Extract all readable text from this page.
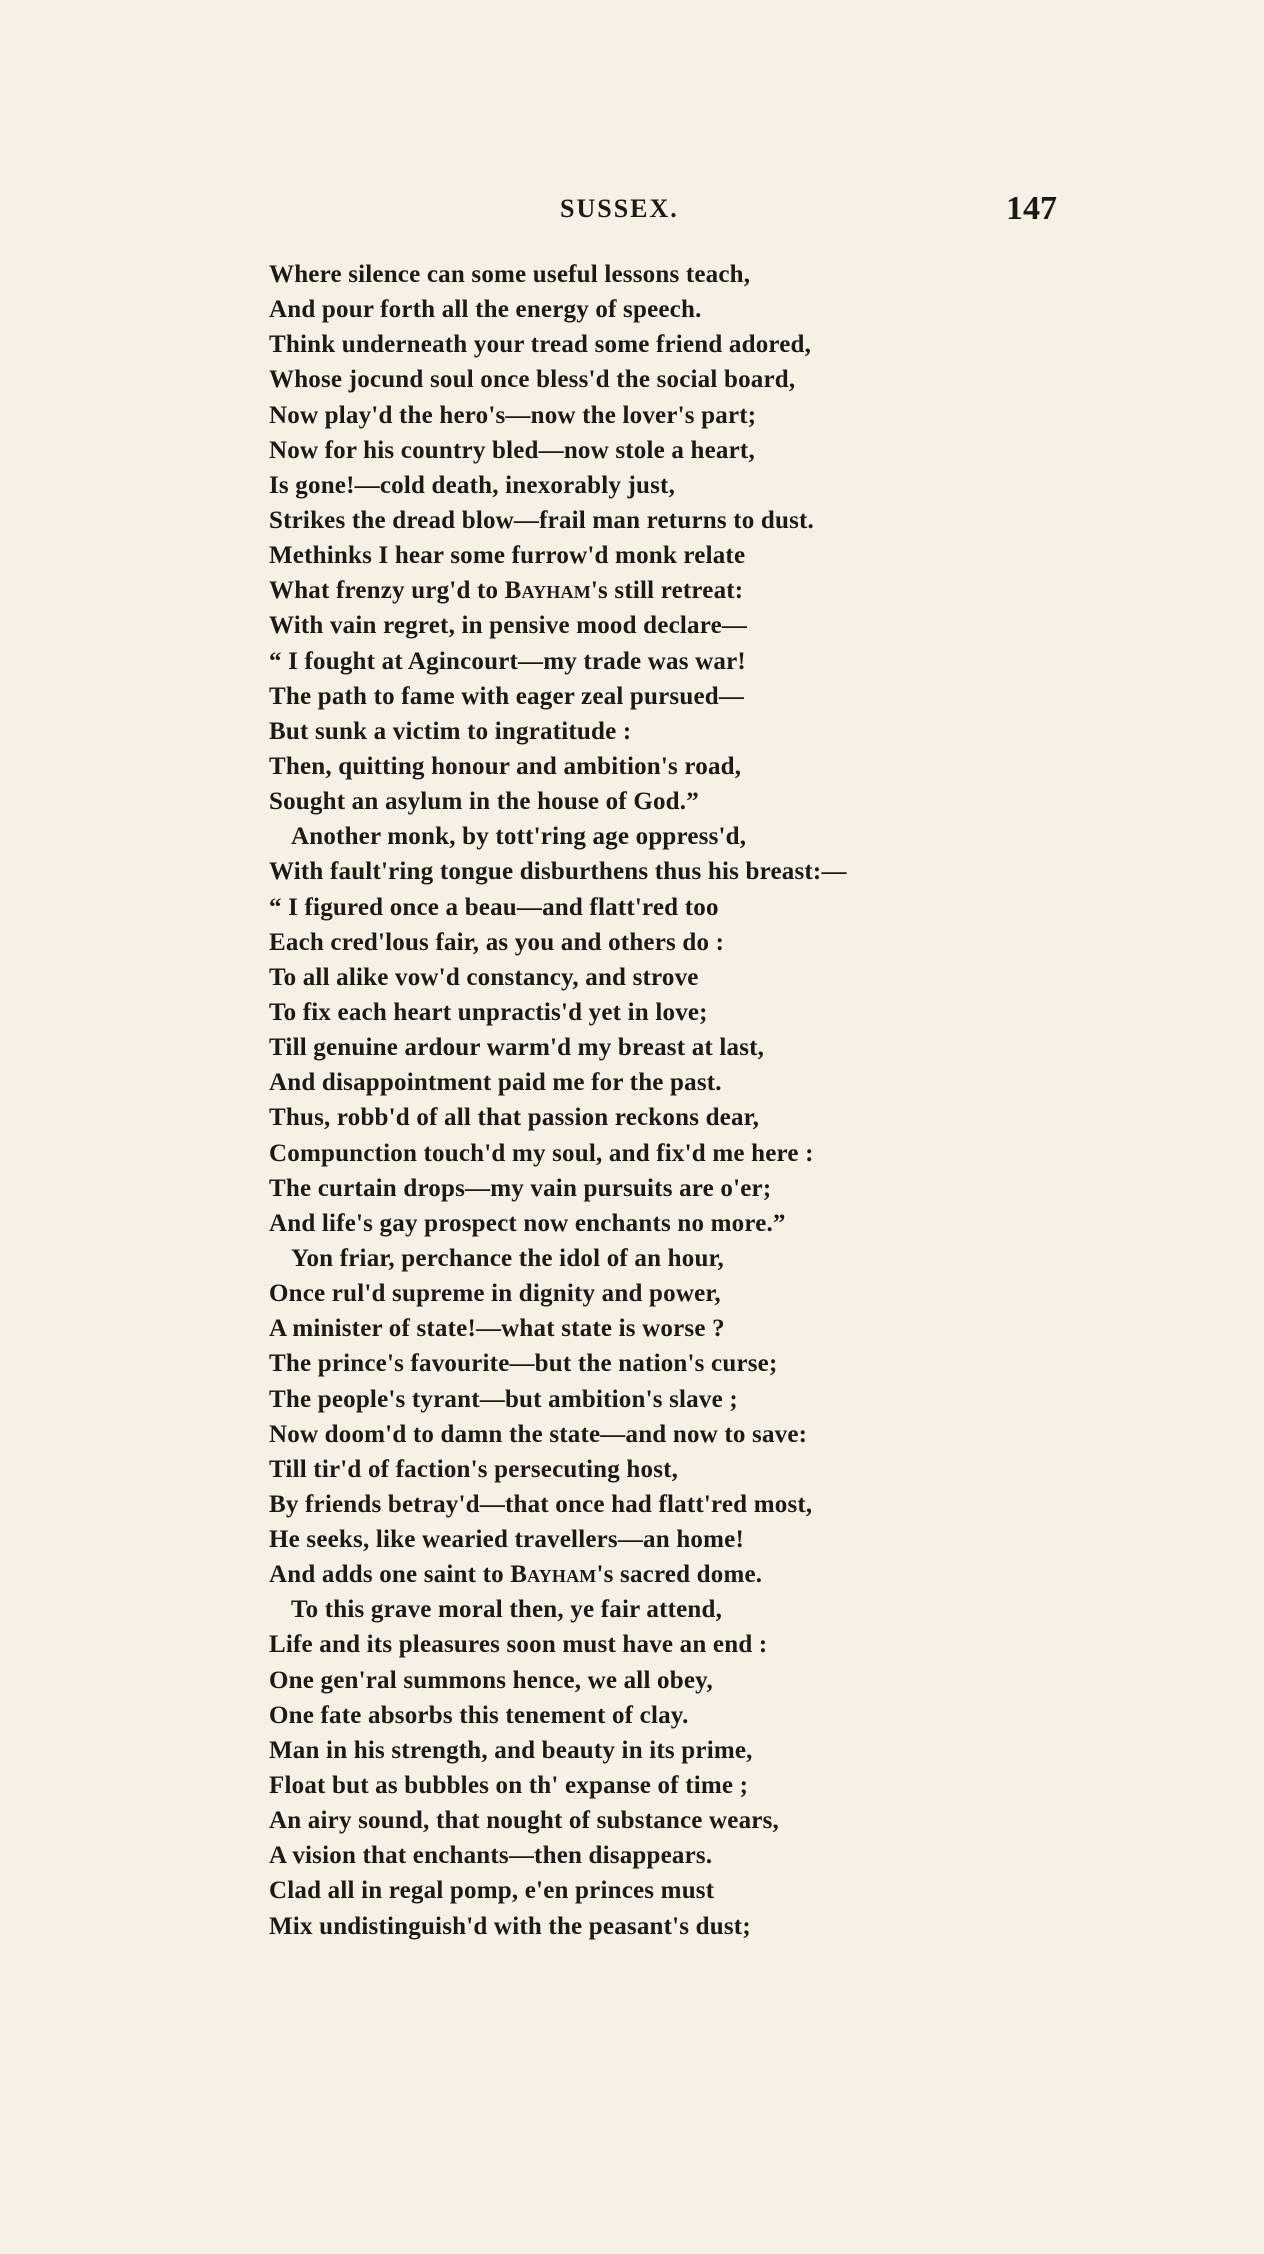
SUSSEX.	147
Where silence can some useful lessons teach,
And pour forth all the energy of speech.
Think underneath your tread some friend adored,
Whose jocund soul once bless'd the social board,
Now play'd the hero's—now the lover's part;
Now for his country bled—now stole a heart,
Is gone!—cold death, inexorably just,
Strikes the dread blow—frail man returns to dust.
Methinks I hear some furrow'd monk relate
What frenzy urg'd to Bayham's still retreat:
With vain regret, in pensive mood declare—
“ I fought at Agincourt—my trade was war!
The path to fame with eager zeal pursued—
But sunk a victim to ingratitude :
Then, quitting honour and ambition's road,
Sought an asylum in the house of God.”
Another monk, by tott'ring age oppress'd,
With fault'ring tongue disburthens thus his breast:—
“ I figured once a beau—and flatt'red too
Each cred'lous fair, as you and others do :
To all alike vow'd constancy, and strove
To fix each heart unpractis'd yet in love;
Till genuine ardour warm'd my breast at last,
And disappointment paid me for the past.
Thus, robb'd of all that passion reckons dear,
Compunction touch'd my soul, and fix'd me here :
The curtain drops—my vain pursuits are o'er;
And life's gay prospect now enchants no more.”
Yon friar, perchance the idol of an hour,
Once rul'd supreme in dignity and power,
A minister of state!—what state is worse ?
The prince's favourite—but the nation's curse;
The people's tyrant—but ambition's slave ;
Now doom'd to damn the state—and now to save:
Till tir'd of faction's persecuting host,
By friends betray'd—that once had flatt'red most,
He seeks, like wearied travellers—an home!
And adds one saint to Bayham's sacred dome.
To this grave moral then, ye fair attend,
Life and its pleasures soon must have an end :
One gen'ral summons hence, we all obey,
One fate absorbs this tenement of clay.
Man in his strength, and beauty in its prime,
Float but as bubbles on th' expanse of time ;
An airy sound, that nought of substance wears,
A vision that enchants—then disappears.
Clad all in regal pomp, e'en princes must
Mix undistinguish'd with the peasant's dust;
